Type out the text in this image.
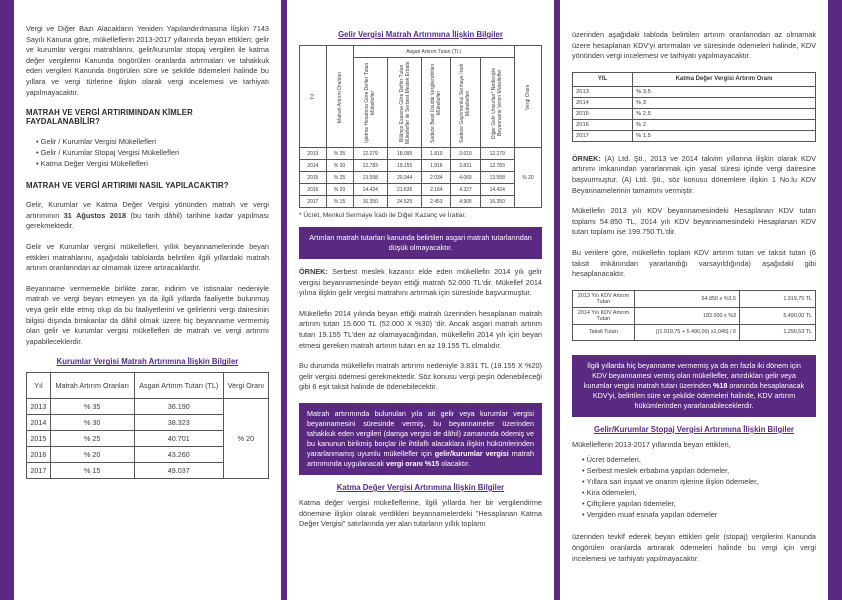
Vergi ve Diğer Bazı Alacakların Yeniden Yapılandırılmasına İlişkin 7143 Sayılı Kanuna göre, mükelleflerin 2013-2017 yıllarında beyan ettikleri; gelir ve kurumlar vergisi matrahlarını, gelir/kurumlar stopaj vergileri ile katma değer vergilerini Kanunda öngörülen oranlarda artırmaları ve tahakkuk eden vergileri Kanunda öngörülen süre ve şekilde ödemeleri halinde bu yıllara ve vergi türlerine ilişkin olarak vergi incelemesi ve tarhiyatı yapılmayacaktır.

MATRAH VE VERGİ ARTIRIMINDAN KİMLER FAYDALANABİLİR?
• Gelir / Kurumlar Vergisi Mükellefleri
• Gelir / Kurumlar Stopaj Vergisi Mükellefleri
• Katma Değer Vergisi Mükellefleri
MATRAH VE VERGİ ARTIRIMI NASIL YAPILACAKTIR?

Gelir, Kurumlar ve Katma Değer Vergisi yönünden matrah ve vergi artırımının 31 Ağustos 2018 (bu tarih dâhil) tarihine kadar yapılması gerekmektedir.

Gelir ve Kurumlar vergisi mükellefleri, yıllık beyannamelerinde beyan ettikleri matrahlarını, aşağıdaki tablolarda belirtilen ilgili yıllardaki matrah artırım oranlarından az olmamak üzere artıracaklardır.

Beyanname vermemekle birlikte zarar, indirim ve istisnalar nedeniyle matrah ve vergi beyan etmeyen ya da ilgili yıllarda faaliyette bulunmuş veya gelir elde etmiş olup da bu faaliyetlerini ve gelirlerini vergi dairesinin bilgisi dışında bırakanlar da dâhil olmak üzere hiç beyanname vermemiş olan gelir ve kurumlar vergisi mükellefleri de matrah ve vergi artırımı yapabileceklerdir.

Kurumlar Vergisi Matrah Artırımına İlişkin Bilgiler
Yıl	Matrah Artırım Oranları	Asgari Artırım Tutarı (TL)	Vergi Oranı
2013	% 35	36.190	% 20
2014	% 30	38.323	
2015	% 25	40.701	
2016	% 20	43.260	
2017	% 15	49.037	
Gelir Vergisi Matrah Artırımına İlişkin Bilgiler
Yıl	Matrah Artırım Oranları	Asgari Artırım Tutarı (TL)					Vergi Oranı

		İşletme Hesabına Göre Defter Tutan Mükellefler	Bilânço Esasına Göre Defter Tutan Mükellefler ile Serbest Meslek Erbabı	Sadece Basit Usulde Vergilendirilen Mükellefler	Sadece Gayrimenkul Sermaye İradı Mükellefleri	Diğer Gelir Unsurları* Nedeniyle Beyanname Veren Mükellefler	

2013	% 35	12.279	18.095	1.810	3.619	12.279	% 20
2014	% 30	12.783	19.155	1.916	3.831	12.783	
2015	% 25	13.558	20.344	2.034	4.069	13.558	
2016	% 20	14.424	21.636	2.164	4.327	14.424	
2017	% 15	16.350	24.525	2.453	4.905	16.350	
* Ücret, Menkul Sermaye İradı ile Diğer Kazanç ve İratlar.

Artırılan matrah tutarları kanunda belirtilen asgari matrah tutarlarından düşük olmayacaktır.

ÖRNEK: Serbest meslek kazancı elde eden mükellefin 2014 yılı gelir vergisi beyannamesinde beyan ettiği matrah 52.000 TL'dir. Mükellef 2014 yılına ilişkin gelir vergisi matrahını artırmak için süresinde başvurmuştur.

Mükellefin 2014 yılında beyan ettiği matrah üzerinden hesaplanan matrah artırım tutarı 15.600 TL (52.000 X %30) 'dir. Ancak asgari matrah artırım tutarı 19.155 TL'den az olamayacağından, mükellefin 2014 yılı için beyan etmesi gereken matrah artırım tutarı en az 19.155 TL olmalıdır.

Bu durumda mükellefin matrah artırımı nedeniyle 3.831 TL (19.155 X %20) gelir vergisi ödemesi gerekmektedir. Söz konusu vergi peşin ödenebileceği gibi 6 eşit taksit halinde de ödenebilecektir.

Matrah artırımında bulunulan yıla ait gelir veya kurumlar vergisi beyannamesini süresinde vermiş, bu beyannameler üzerinden tahakkuk eden vergileri (damga vergisi de dâhil) zamanında ödemiş ve bu kanunun birikmiş borçlar ile ihtilaflı alacaklara ilişkin hükümlerinden yararlanmamış uyumlu mükellefler için gelir/kurumlar vergisi matrah artırımında uygulanacak vergi oranı %15 olacaktır.

Katma Değer Vergisi Artırımına İlişkin Bilgiler

Katma değer vergisi mükelleflerine, ilgili yıllarda her bir vergilendirme dönemine ilişkin olarak verdikleri beyannamelerdeki "Hesaplanan Katma Değer Vergisi" satırlarında yer alan tutarların yıllık toplamı

üzerinden aşağıdaki tabloda belirtilen artırım oranlarından az olmamak üzere hesaplanan KDV'yi artırmaları ve süresinde ödemeleri halinde, KDV yönünden vergi incelemesi ve tarhiyatı yapılmayacaktır.

YIL	Katma Değer Vergisi Artırım Oranı
2013	% 3,5
2014	% 3
2015	% 2,5
2016	% 2
2017	% 1,5

ÖRNEK: (A) Ltd. Şti., 2013 ve 2014 takvim yıllarına ilişkin olarak KDV artırımı imkanından yararlanmak için yasal süresi içinde vergi dairesine başvurmuştur. (A) Ltd. Şti., söz konusu dönemlere ilişkin 1 No.lu KDV Beyannamelerinin tamamını vermiştir.

Mükellefin 2013 yılı KDV beyannamesindeki Hesaplanan KDV tutarı toplamı 54.850 TL, 2014 yılı KDV beyannamesindeki Hesaplanan KDV tutarı toplamı ise 199.750 TL'dir.

Bu verilere göre, mükellefin toplam KDV artırım tutarı ve taksit tutarı (6 taksit imkânından yararlandığı varsayıldığında) aşağıdaki gibi hesaplanacaktır.

2013 Yılı KDV Artırım Tutarı	54.850 x %3,5	1.919,75 TL
2014 Yılı KDV Artırım Tutarı	183.000 x %3	5.490,00 TL
Taksit Tutarı	[(1.919,75 + 5.490,00) x1,045] / 6	1.290,53 TL

İlgili yıllarda hiç beyanname vermemiş ya da en fazla iki dönem için KDV beyannamesi vermiş olan mükellefler, artırdıkları gelir veya kurumlar vergisi matrah tutarı üzerinden %18 oranında hesaplanacak KDV'yi, belirtilen süre ve şekilde ödemeleri halinde, KDV artırım hükümlerinden yararlanabileceklerdir.

Gelir/Kurumlar Stopaj Vergisi Artırımına İlişkin Bilgiler

Mükelleflerin 2013-2017 yıllarında beyan ettikleri,

• Ücret ödemeleri,
• Serbest meslek erbabına yapılan ödemeler,
• Yıllara sari inşaat ve onarım işlerine ilişkin ödemeler,
• Kira ödemeleri,
• Çiftçilere yapılan ödemeler,
• Vergiden muaf esnafa yapılan ödemeler

üzerinden tevkif ederek beyan ettikleri gelir (stopaj) vergilerini Kanunda öngörülen oranlarda artırarak ödemeleri halinde bu vergi için vergi incelemesi ve tarhiyatı yapılmayacaktır.
